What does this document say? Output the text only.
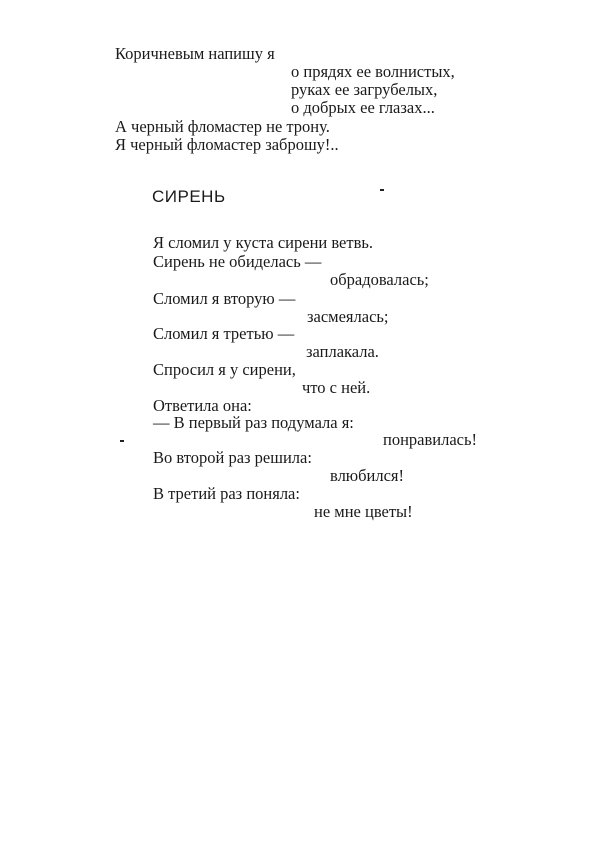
Коричневым напишу я
о прядях ее волнистых,
руках ее загрубелых,
о добрых ее глазах...
А черный фломастер не трону.
Я черный фломастер заброшу!..
СИРЕНЬ
Я сломил у куста сирени ветвь.
Сирень не обиделась —
обрадовалась;
Сломил я вторую —
засмеялась;
Сломил я третью —
заплакала.
Спросил я у сирени,
что с ней.
Ответила она:
— В первый раз подумала я:
понравилась!
Во второй раз решила:
влюбился!
В третий раз поняла:
не мне цветы!
